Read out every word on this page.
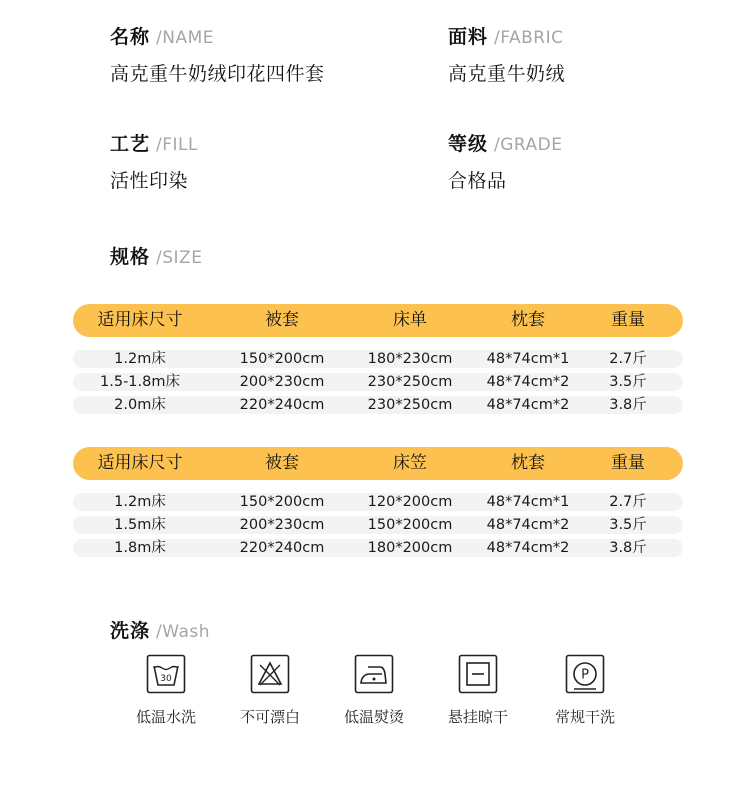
名称 /NAME
高克重牛奶绒印花四件套
面料 /FABRIC
高克重牛奶绒
工艺 /FILL
活性印染
等级 /GRADE
合格品
规格 /SIZE
适用床尺寸	被套	床单	枕套	重量
1.2m床	150*200cm	180*230cm 48*74cm*1	2.7斤
1.5-1.8m床	200*230cm	230*250cm 48*74cm*2	3.5斤
2.0m床	220*240cm	230*250cm 48*74cm*2	3.8斤
适用床尺寸	被套	床笠	枕套	重量
1.2m床	150*200cm	120*200cm 48*74cm*1	2.7斤
1.5m床	200*230cm	150*200cm 48*74cm*2	3.5斤
1.8m床	220*240cm	180*200cm 48*74cm*2	3.8斤
洗涤 /Wash
30
低温水洗	不可漂白	低温熨烫	悬挂晾干
P
常规干洗
